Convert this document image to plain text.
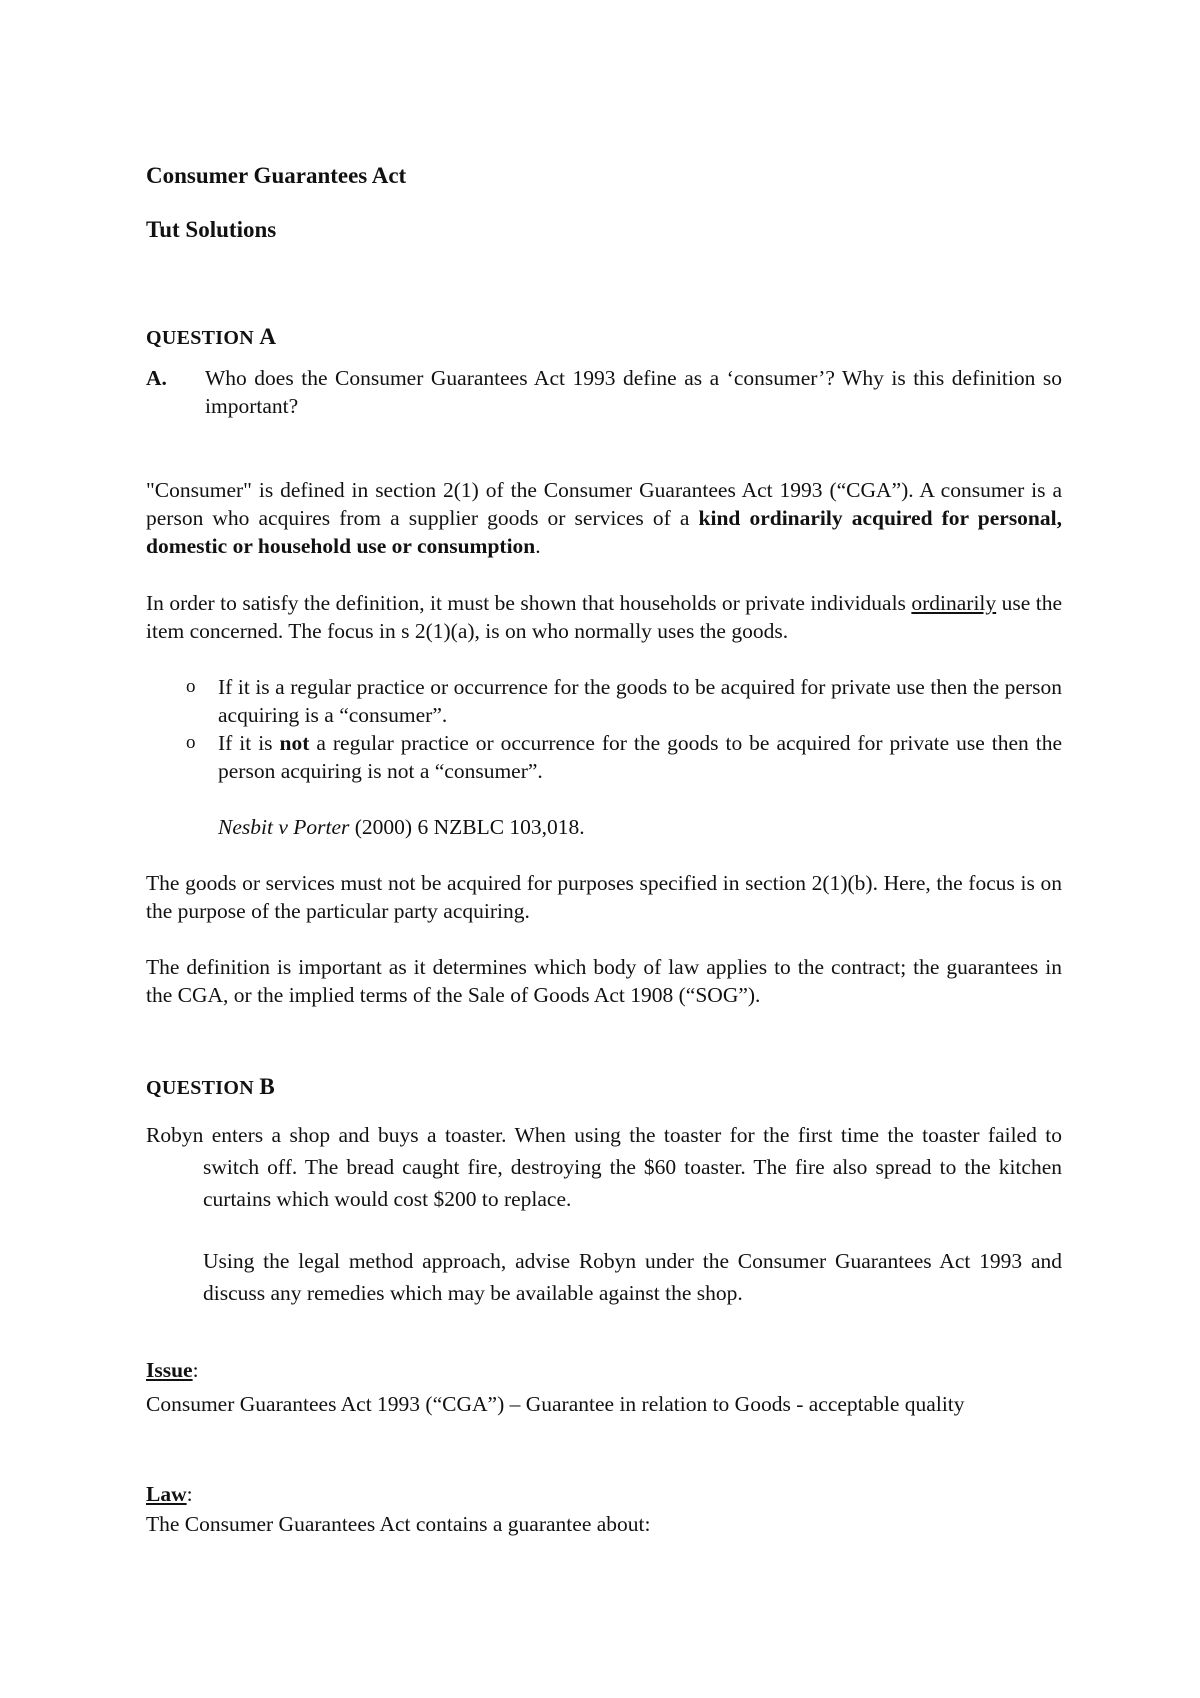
Consumer Guarantees Act
Tut Solutions
QUESTION A
A.	Who does the Consumer Guarantees Act 1993 define as a ‘consumer’? Why is this definition so important?
"Consumer" is defined in section 2(1) of the Consumer Guarantees Act 1993 (“CGA”). A consumer is a person who acquires from a supplier goods or services of a kind ordinarily acquired for personal, domestic or household use or consumption.
In order to satisfy the definition, it must be shown that households or private individuals ordinarily use the item concerned. The focus in s 2(1)(a), is on who normally uses the goods.
o	If it is a regular practice or occurrence for the goods to be acquired for private use then the person acquiring is a “consumer”.
o	If it is not a regular practice or occurrence for the goods to be acquired for private use then the person acquiring is not a “consumer”.
Nesbit v Porter (2000) 6 NZBLC 103,018.
The goods or services must not be acquired for purposes specified in section 2(1)(b). Here, the focus is on the purpose of the particular party acquiring.
The definition is important as it determines which body of law applies to the contract; the guarantees in the CGA, or the implied terms of the Sale of Goods Act 1908 (“SOG”).
QUESTION B
Robyn enters a shop and buys a toaster. When using the toaster for the first time the toaster failed to switch off. The bread caught fire, destroying the $60 toaster. The fire also spread to the kitchen curtains which would cost $200 to replace.
Using the legal method approach, advise Robyn under the Consumer Guarantees Act 1993 and discuss any remedies which may be available against the shop.
Issue:
Consumer Guarantees Act 1993 (“CGA”) – Guarantee in relation to Goods - acceptable quality
Law:
The Consumer Guarantees Act contains a guarantee about:
